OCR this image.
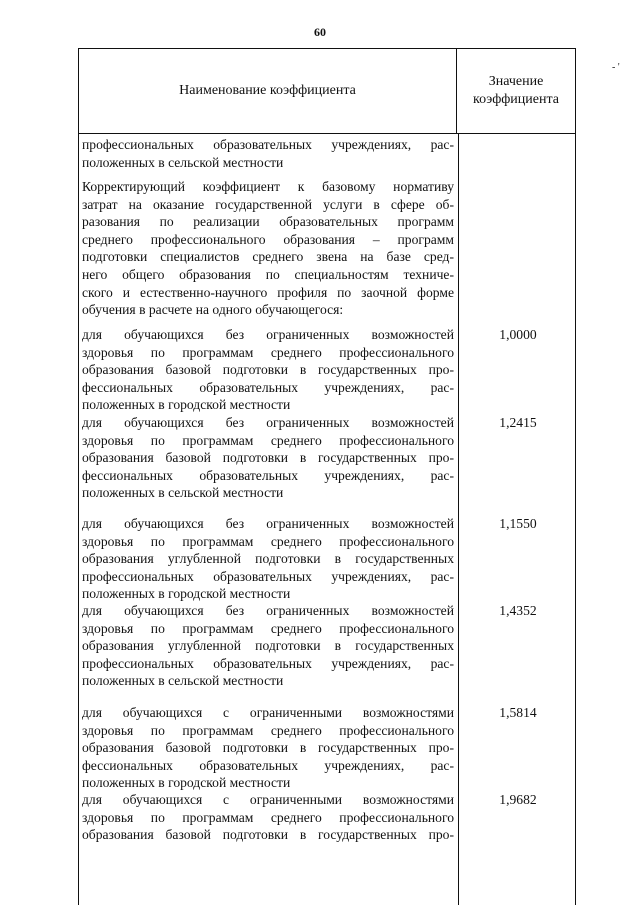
60
- '
Наименование коэффициента
Значение
коэффициента
профессиональных образовательных учреждениях, рас-
положенных в сельской местности
Корректирующий коэффициент к базовому нормативу
затрат на оказание государственной услуги в сфере об-
разования по реализации образовательных программ
среднего профессионального образования – программ
подготовки специалистов среднего звена на базе сред-
него общего образования по специальностям техниче-
ского и естественно-научного профиля по заочной форме
обучения в расчете на одного обучающегося:
для обучающихся без ограниченных возможностей
здоровья по программам среднего профессионального
образования базовой подготовки в государственных про-
фессиональных образовательных учреждениях, рас-
положенных в городской местности
1,0000
для обучающихся без ограниченных возможностей
здоровья по программам среднего профессионального
образования базовой подготовки в государственных про-
фессиональных образовательных учреждениях, рас-
положенных в сельской местности
1,2415
для обучающихся без ограниченных возможностей
здоровья по программам среднего профессионального
образования углубленной подготовки в государственных
профессиональных образовательных учреждениях, рас-
положенных в городской местности
1,1550
для обучающихся без ограниченных возможностей
здоровья по программам среднего профессионального
образования углубленной подготовки в государственных
профессиональных образовательных учреждениях, рас-
положенных в сельской местности
1,4352
для обучающихся с ограниченными возможностями
здоровья по программам среднего профессионального
образования базовой подготовки в государственных про-
фессиональных образовательных учреждениях, рас-
положенных в городской местности
1,5814
для обучающихся с ограниченными возможностями
здоровья по программам среднего профессионального
образования базовой подготовки в государственных про-
1,9682
